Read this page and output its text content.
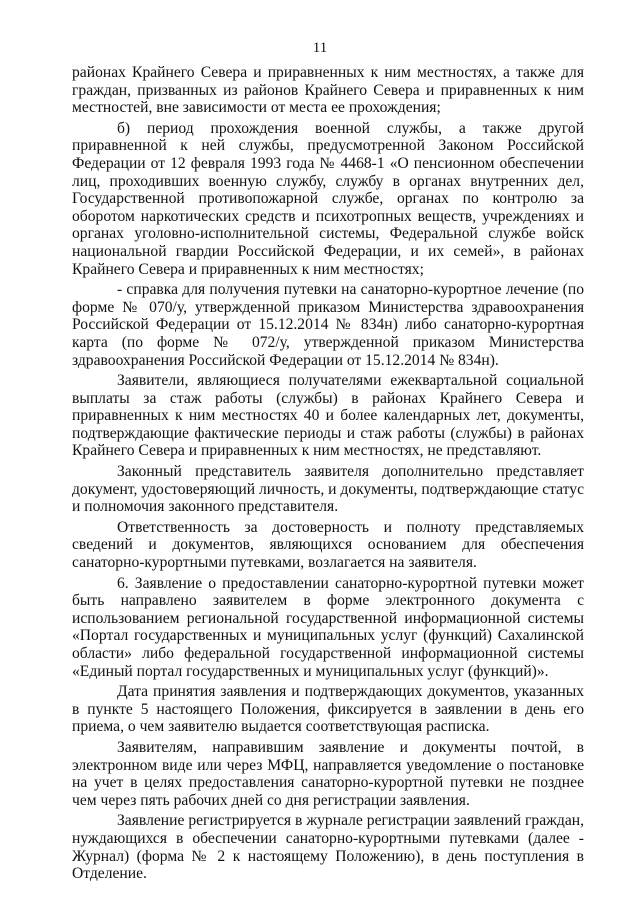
11

районах Крайнего Севера и приравненных к ним местностях, а также для граждан, призванных из районов Крайнего Севера и приравненных к ним местностей, вне зависимости от места ее прохождения;

б) период прохождения военной службы, а также другой приравненной к ней службы, предусмотренной Законом Российской Федерации от 12 февраля 1993 года № 4468-1 «О пенсионном обеспечении лиц, проходивших военную службу, службу в органах внутренних дел, Государственной противопожарной службе, органах по контролю за оборотом наркотических средств и психотропных веществ, учреждениях и органах уголовно-исполнительной системы, Федеральной службе войск национальной гвардии Российской Федерации, и их семей», в районах Крайнего Севера и приравненных к ним местностях;

- справка для получения путевки на санаторно-курортное лечение (по форме № 070/у, утвержденной приказом Министерства здравоохранения Российской Федерации от 15.12.2014 № 834н) либо санаторно-курортная карта (по форме № 072/у, утвержденной приказом Министерства здравоохранения Российской Федерации от 15.12.2014 № 834н).

Заявители, являющиеся получателями ежеквартальной социальной выплаты за стаж работы (службы) в районах Крайнего Севера и приравненных к ним местностях 40 и более календарных лет, документы, подтверждающие фактические периоды и стаж работы (службы) в районах Крайнего Севера и приравненных к ним местностях, не представляют.

Законный представитель заявителя дополнительно представляет документ, удостоверяющий личность, и документы, подтверждающие статус и полномочия законного представителя.

Ответственность за достоверность и полноту представляемых сведений и документов, являющихся основанием для обеспечения санаторно-курортными путевками, возлагается на заявителя.

6. Заявление о предоставлении санаторно-курортной путевки может быть направлено заявителем в форме электронного документа с использованием региональной государственной информационной системы «Портал государственных и муниципальных услуг (функций) Сахалинской области» либо федеральной государственной информационной системы «Единый портал государственных и муниципальных услуг (функций)».

Дата принятия заявления и подтверждающих документов, указанных в пункте 5 настоящего Положения, фиксируется в заявлении в день его приема, о чем заявителю выдается соответствующая расписка.

Заявителям, направившим заявление и документы почтой, в электронном виде или через МФЦ, направляется уведомление о постановке на учет в целях предоставления санаторно-курортной путевки не позднее чем через пять рабочих дней со дня регистрации заявления.

Заявление регистрируется в журнале регистрации заявлений граждан, нуждающихся в обеспечении санаторно-курортными путевками (далее - Журнал) (форма № 2 к настоящему Положению), в день поступления в Отделение.
